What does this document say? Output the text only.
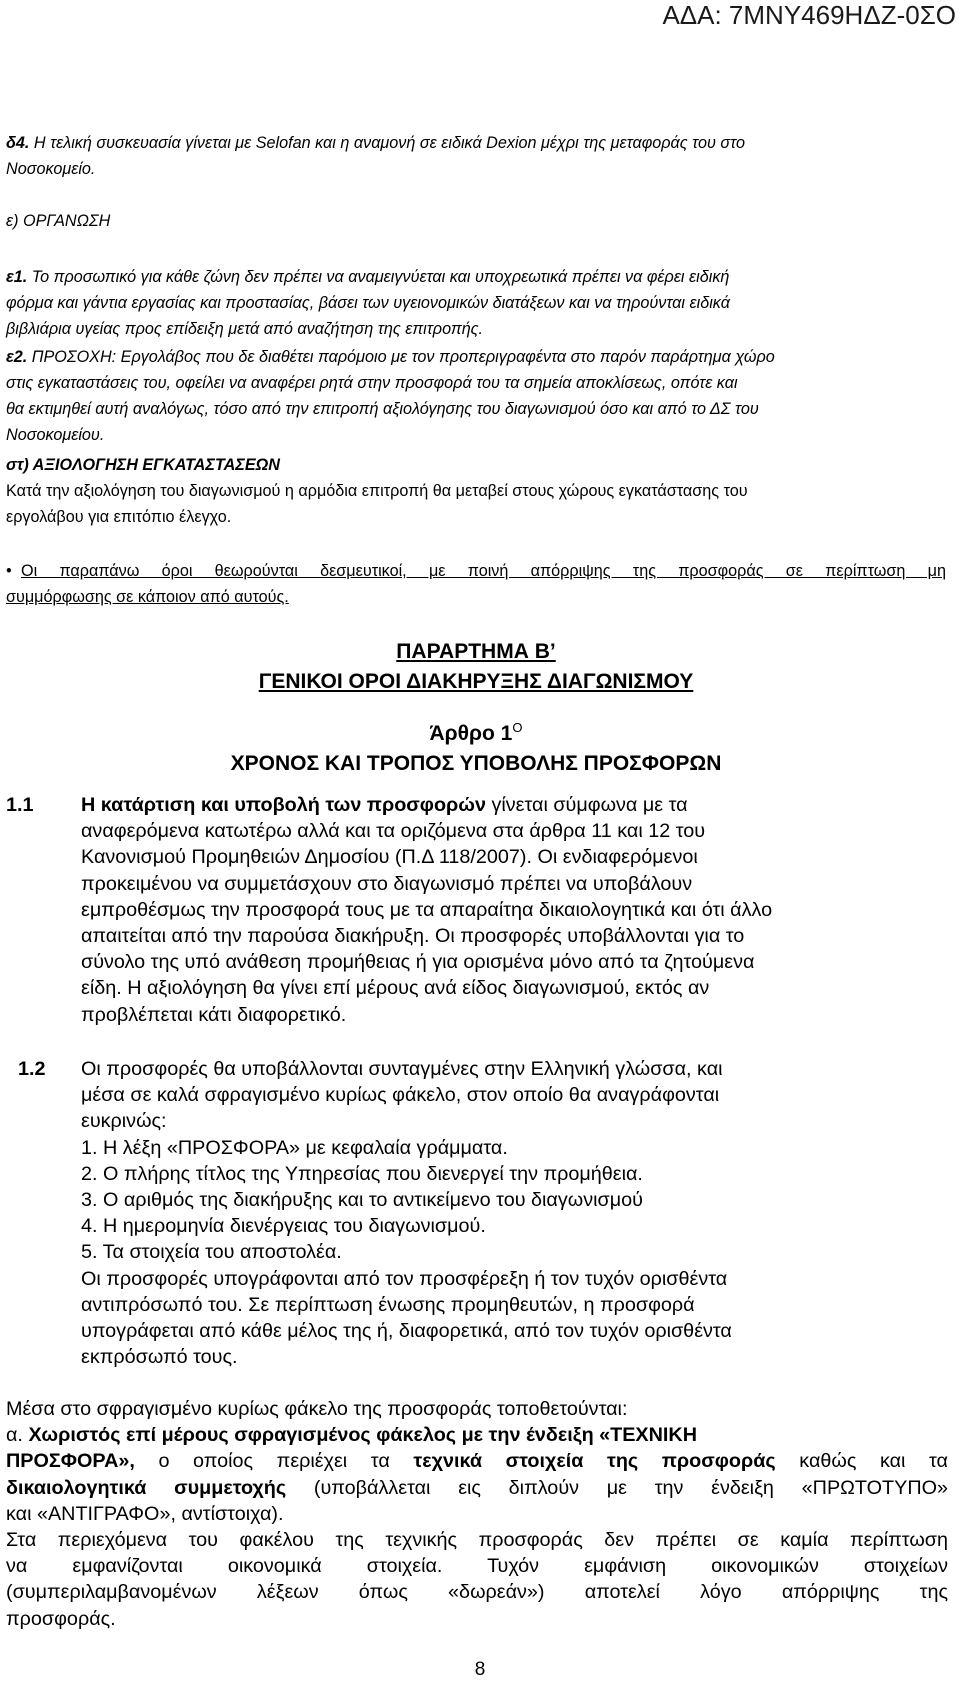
ΑΔΑ: 7ΜΝΥ469ΗΔΖ-0ΣΟ
δ4. Η τελική συσκευασία γίνεται με Selofan και η αναμονή σε ειδικά Dexion μέχρι της μεταφοράς του στο
Νοσοκομείο.
ε) ΟΡΓΑΝΩΣΗ
ε1. Το προσωπικό για κάθε ζώνη δεν πρέπει να αναμειγνύεται και υποχρεωτικά πρέπει να φέρει ειδική
φόρμα και γάντια εργασίας και προστασίας, βάσει των υγειονομικών διατάξεων και να τηρούνται ειδικά
βιβλιάρια υγείας προς επίδειξη μετά από αναζήτηση της επιτροπής.
ε2. ΠΡΟΣΟΧΗ: Εργολάβος που δε διαθέτει παρόμοιο με τον προπεριγραφέντα στο παρόν παράρτημα χώρο
στις εγκαταστάσεις του, οφείλει να αναφέρει ρητά στην προσφορά του τα σημεία αποκλίσεως, οπότε και
θα εκτιμηθεί αυτή αναλόγως, τόσο από την επιτροπή αξιολόγησης του διαγωνισμού όσο και από το ΔΣ του
Νοσοκομείου.
στ) ΑΞΙΟΛΟΓΗΣΗ ΕΓΚΑΤΑΣΤΑΣΕΩΝ
Κατά την αξιολόγηση του διαγωνισμού η αρμόδια επιτροπή θα μεταβεί στους χώρους εγκατάστασης του
εργολάβου για επιτόπιο έλεγχο.
• Οι παραπάνω όροι θεωρούνται δεσμευτικοί, με ποινή απόρριψης της προσφοράς σε περίπτωση μη
συμμόρφωσης σε κάποιον από αυτούς.
ΠΑΡΑΡΤΗΜΑ Β’
ΓΕΝΙΚΟΙ ΟΡΟΙ ΔΙΑΚΗΡΥΞΗΣ ΔΙΑΓΩΝΙΣΜΟΥ
Άρθρο $1^O$
ΧΡΟΝΟΣ ΚΑΙ ΤΡΟΠΟΣ ΥΠΟΒΟΛΗΣ ΠΡΟΣΦΟΡΩΝ
1.1 Η κατάρτιση και υποβολή των προσφορών γίνεται σύμφωνα με τα
αναφερόμενα κατωτέρω αλλά και τα οριζόμενα στα άρθρα 11 και 12 του
Κανονισμού Προμηθειών Δημοσίου (Π.Δ 118/2007). Οι ενδιαφερόμενοι
προκειμένου να συμμετάσχουν στο διαγωνισμό πρέπει να υποβάλουν
εμπροθέσμως την προσφορά τους με τα απαραίτηα δικαιολογητικά και ότι άλλο
απαιτείται από την παρούσα διακήρυξη. Οι προσφορές υποβάλλονται για το
σύνολο της υπό ανάθεση προμήθειας ή για ορισμένα μόνο από τα ζητούμενα
είδη. Η αξιολόγηση θα γίνει επί μέρους ανά είδος διαγωνισμού, εκτός αν
προβλέπεται κάτι διαφορετικό.
1.2 Οι προσφορές θα υποβάλλονται συνταγμένες στην Ελληνική γλώσσα, και
μέσα σε καλά σφραγισμένο κυρίως φάκελο, στον οποίο θα αναγράφονται
ευκρινώς:
1. Η λέξη «ΠΡΟΣΦΟΡΑ» με κεφαλαία γράμματα.
2. Ο πλήρης τίτλος της Υπηρεσίας που διενεργεί την προμήθεια.
3. Ο αριθμός της διακήρυξης και το αντικείμενο του διαγωνισμού
4. Η ημερομηνία διενέργειας του διαγωνισμού.
5. Τα στοιχεία του αποστολέα.
Οι προσφορές υπογράφονται από τον προσφέρεξη ή τον τυχόν ορισθέντα
αντιπρόσωπό του. Σε περίπτωση ένωσης προμηθευτών, η προσφορά
υπογράφεται από κάθε μέλος της ή, διαφορετικά, από τον τυχόν ορισθέντα
εκπρόσωπό τους.
Μέσα στο σφραγισμένο κυρίως φάκελο της προσφοράς τοποθετούνται:
α. Χωριστός επί μέρους σφραγισμένος φάκελος με την ένδειξη «ΤΕΧΝΙΚΗ
ΠΡΟΣΦΟΡΑ», ο οποίος περιέχει τα τεχνικά στοιχεία της προσφοράς καθώς και τα
δικαιολογητικά συμμετοχής (υποβάλλεται εις διπλούν με την ένδειξη «ΠΡΩΤΟΤΥΠΟ»
και «ΑΝΤΙΓΡΑΦΟ», αντίστοιχα).
Στα περιεχόμενα του φακέλου της τεχνικής προσφοράς δεν πρέπει σε καμία περίπτωση
να εμφανίζονται οικονομικά στοιχεία. Τυχόν εμφάνιση οικονομικών στοιχείων
(συμπεριλαμβανομένων λέξεων όπως «δωρεάν») αποτελεί λόγο απόρριψης της
προσφοράς.
8
